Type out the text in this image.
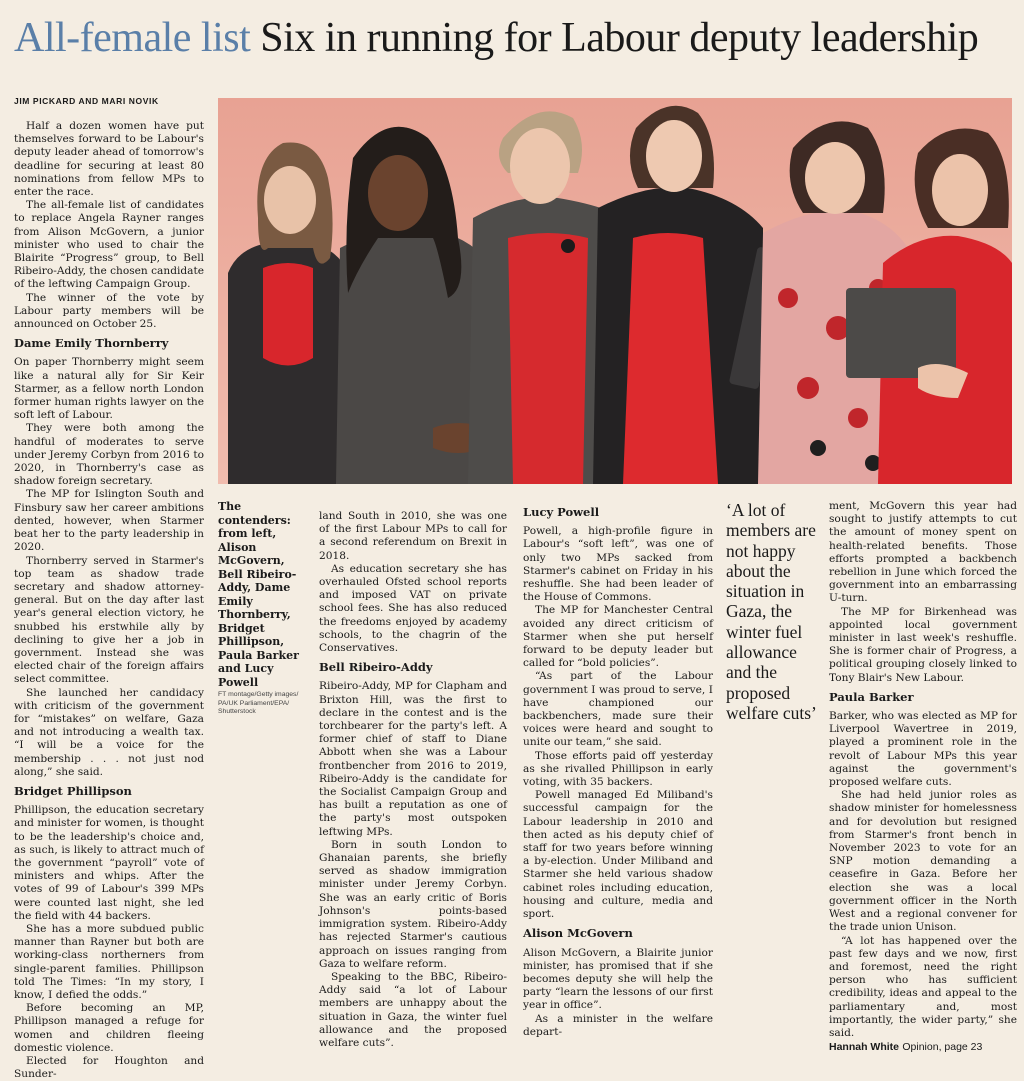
All-female list Six in running for Labour deputy leadership
JIM PICKARD AND MARI NOVIK

Half a dozen women have put themselves forward to be Labour's deputy leader ahead of tomorrow's deadline for securing at least 80 nominations from fellow MPs to enter the race.

The all-female list of candidates to replace Angela Rayner ranges from Alison McGovern, a junior minister who used to chair the Blairite “Progress” group, to Bell Ribeiro-Addy, the chosen candidate of the leftwing Campaign Group.

The winner of the vote by Labour party members will be announced on October 25.

Dame Emily Thornberry

On paper Thornberry might seem like a natural ally for Sir Keir Starmer, as a fellow north London former human rights lawyer on the soft left of Labour.

They were both among the handful of moderates to serve under Jeremy Corbyn from 2016 to 2020, in Thornberry's case as shadow foreign secretary.

The MP for Islington South and Finsbury saw her career ambitions dented, however, when Starmer beat her to the party leadership in 2020.

Thornberry served in Starmer's top team as shadow trade secretary and shadow attorney-general. But on the day after last year's general election victory, he snubbed his erstwhile ally by declining to give her a job in government. Instead she was elected chair of the foreign affairs select committee.

She launched her candidacy with criticism of the government for “mistakes” on welfare, Gaza and not introducing a wealth tax. “I will be a voice for the membership . . . not just nod along,” she said.

Bridget Phillipson

Phillipson, the education secretary and minister for women, is thought to be the leadership's choice and, as such, is likely to attract much of the government “payroll” vote of ministers and whips. After the votes of 99 of Labour's 399 MPs were counted last night, she led the field with 44 backers.

She has a more subdued public manner than Rayner but both are working-class northerners from single-parent families. Phillipson told The Times: “In my story, I know, I defied the odds.”

Before becoming an MP, Phillipson managed a refuge for women and children fleeing domestic violence.

Elected for Houghton and Sunder-

The contenders: from left, Alison McGovern, Bell Ribeiro-Addy, Dame Emily Thornberry, Bridget Phillipson, Paula Barker and Lucy Powell
FT montage/Getty images/ PA/UK Parliament/EPA/ Shutterstock

land South in 2010, she was one of the first Labour MPs to call for a second referendum on Brexit in 2018.

As education secretary she has overhauled Ofsted school reports and imposed VAT on private school fees. She has also reduced the freedoms enjoyed by academy schools, to the chagrin of the Conservatives.

Bell Ribeiro-Addy

Ribeiro-Addy, MP for Clapham and Brixton Hill, was the first to declare in the contest and is the torchbearer for the party's left. A former chief of staff to Diane Abbott when she was a Labour frontbencher from 2016 to 2019, Ribeiro-Addy is the candidate for the Socialist Campaign Group and has built a reputation as one of the party's most outspoken leftwing MPs.

Born in south London to Ghanaian parents, she briefly served as shadow immigration minister under Jeremy Corbyn. She was an early critic of Boris Johnson's points-based immigration system. Ribeiro-Addy has rejected Starmer's cautious approach on issues ranging from Gaza to welfare reform.

Speaking to the BBC, Ribeiro-Addy said “a lot of Labour members are unhappy about the situation in Gaza, the winter fuel allowance and the proposed welfare cuts”.

Lucy Powell

Powell, a high-profile figure in Labour's “soft left”, was one of only two MPs sacked from Starmer's cabinet on Friday in his reshuffle. She had been leader of the House of Commons.

The MP for Manchester Central avoided any direct criticism of Starmer when she put herself forward to be deputy leader but called for “bold policies”.

“As part of the Labour government I was proud to serve, I have championed our backbenchers, made sure their voices were heard and sought to unite our team,” she said.

Those efforts paid off yesterday as she rivalled Phillipson in early voting, with 35 backers.

Powell managed Ed Miliband's successful campaign for the Labour leadership in 2010 and then acted as his deputy chief of staff for two years before winning a by-election. Under Miliband and Starmer she held various shadow cabinet roles including education, housing and culture, media and sport.

Alison McGovern

Alison McGovern, a Blairite junior minister, has promised that if she becomes deputy she will help the party “learn the lessons of our first year in office”.

As a minister in the welfare depart-

‘A lot of members are not happy about the situation in Gaza, the winter fuel allowance and the proposed welfare cuts’

ment, McGovern this year had sought to justify attempts to cut the amount of money spent on health-related benefits. Those efforts prompted a backbench rebellion in June which forced the government into an embarrassing U-turn.

The MP for Birkenhead was appointed local government minister in last week's reshuffle. She is former chair of Progress, a political grouping closely linked to Tony Blair's New Labour.

Paula Barker

Barker, who was elected as MP for Liverpool Wavertree in 2019, played a prominent role in the revolt of Labour MPs this year against the government's proposed welfare cuts.

She had held junior roles as shadow minister for homelessness and for devolution but resigned from Starmer's front bench in November 2023 to vote for an SNP motion demanding a ceasefire in Gaza. Before her election she was a local government officer in the North West and a regional convener for the trade union Unison.

“A lot has happened over the past few days and we now, first and foremost, need the right person who has sufficient credibility, ideas and appeal to the parliamentary and, most importantly, the wider party,” she said.

Hannah White Opinion, page 23
